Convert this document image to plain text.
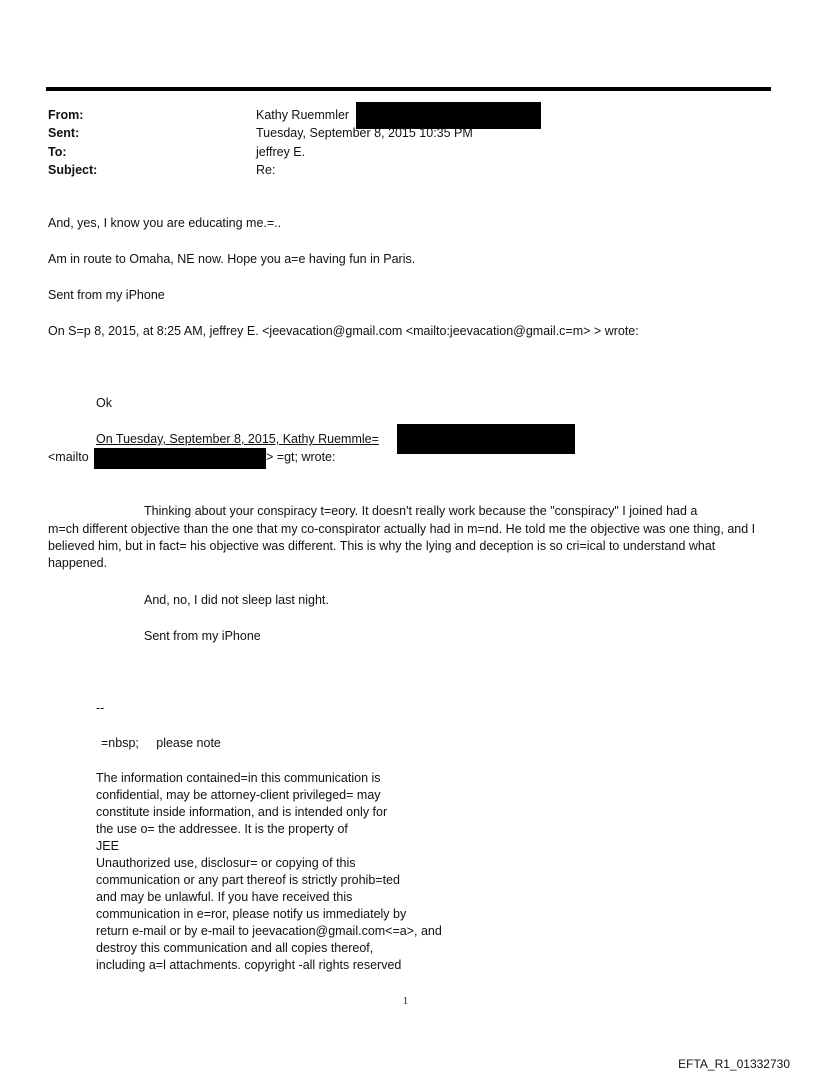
From:	Kathy Ruemmler
Sent:	Tuesday, September 8, 2015 10:35 PM
To:	jeffrey E.
Subject:	Re:
And, yes, I know you are educating me.=..
Am in route to Omaha, NE now. Hope you a=e having fun in Paris.
Sent from my iPhone
On S=p 8, 2015, at 8:25 AM, jeffrey E. <jeevacation@gmail.com <mailto:jeevacation@gmail.c=m> > wrote:
Ok
On Tuesday, September 8, 2015, Kathy Ruemmle=
<mailto	> =gt; wrote:
Thinking about your conspiracy t=eory. It doesn't really work because the "conspiracy" I joined had a
m=ch different objective than the one that my co-conspirator actually had in m=nd. He told me the objective was one thing, and I believed him, but in fact= his objective was different. This is why the lying and deception is so cri=ical to understand what happened.
And, no, I did not sleep last night.
Sent from my iPhone
--
=nbsp;     please note
The information contained=in this communication is
confidential, may be attorney-client privileged= may
constitute inside information, and is intended only for
the use o= the addressee. It is the property of
JEE
Unauthorized use, disclosur= or copying of this
communication or any part thereof is strictly prohib=ted
and may be unlawful. If you have received this
communication in e=ror, please notify us immediately by
return e-mail or by e-mail to jeevacation@gmail.com<=a>, and
destroy this communication and all copies thereof,
including a=l attachments. copyright -all rights reserved
1
EFTA_R1_01332730
